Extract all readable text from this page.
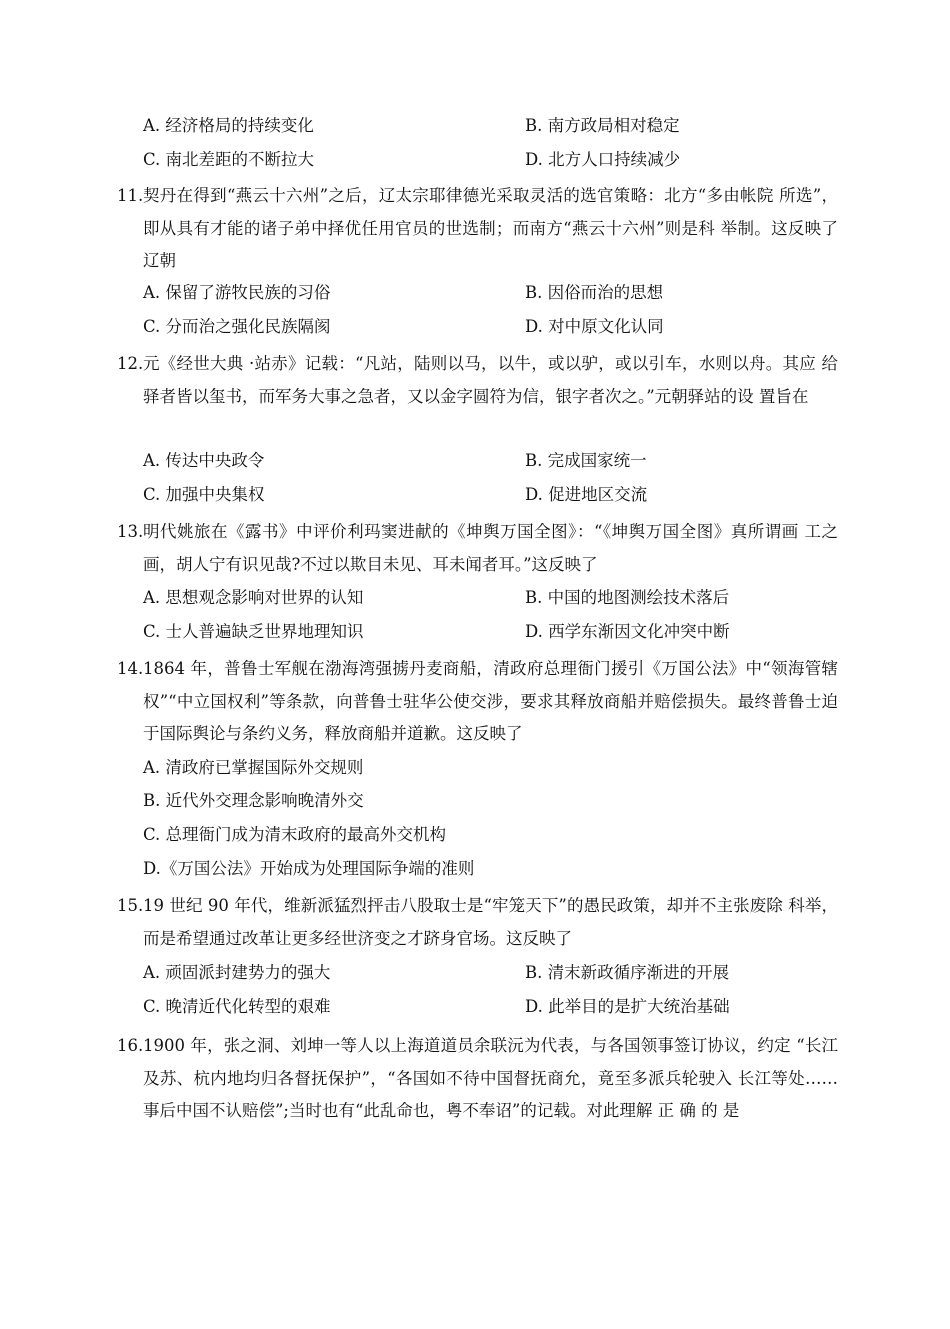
A. 经济格局的持续变化	B. 南方政局相对稳定
C. 南北差距的不断拉大	D. 北方人口持续减少
11. 契丹在得到“燕云十六州”之后，辽太宗耶律德光采取灵活的选官策略：北方“多由帐院 所选”，即从具有才能的诸子弟中择优任用官员的世选制；而南方“燕云十六州”则是科 举制。这反映了辽朝
A. 保留了游牧民族的习俗	B. 因俗而治的思想
C. 分而治之强化民族隔阂	D. 对中原文化认同
12. 元《经世大典 ·站赤》记载：“凡站，陆则以马，以牛，或以驴，或以引车，水则以舟。其应 给驿者皆以玺书，而军务大事之急者，又以金字圆符为信，银字者次之。”元朝驿站的设 置旨在
A. 传达中央政令	B. 完成国家统一
C. 加强中央集权	D. 促进地区交流
13. 明代姚旅在《露书》中评价利玛窦进献的《坤舆万国全图》：“《坤舆万国全图》真所谓画 工之画，胡人宁有识见哉?不过以欺目未见、耳未闻者耳。”这反映了
A. 思想观念影响对世界的认知	B. 中国的地图测绘技术落后
C. 士人普遍缺乏世界地理知识	D. 西学东渐因文化冲突中断
14. 1864 年，普鲁士军舰在渤海湾强掳丹麦商船，清政府总理衙门援引《万国公法》中“领海管辖权”“中立国权利”等条款，向普鲁士驻华公使交涉，要求其释放商船并赔偿损失。最终普鲁士迫于国际舆论与条约义务，释放商船并道歉。这反映了
A. 清政府已掌握国际外交规则
B. 近代外交理念影响晚清外交
C. 总理衙门成为清末政府的最高外交机构
D.《万国公法》开始成为处理国际争端的准则
15. 19 世纪 90 年代，维新派猛烈抨击八股取士是“牢笼天下”的愚民政策，却并不主张废除 科举，而是希望通过改革让更多经世济变之才跻身官场。这反映了
A. 顽固派封建势力的强大	B. 清末新政循序渐进的开展
C. 晚清近代化转型的艰难	D. 此举目的是扩大统治基础
16. 1900 年，张之洞、刘坤一等人以上海道道员余联沅为代表，与各国领事签订协议，约定 “长江及苏、杭内地均归各督抚保护”，“各国如不待中国督抚商允，竟至多派兵轮驶入 长江等处……事后中国不认赔偿”;当时也有“此乱命也，粤不奉诏”的记载。对此理解 正 确 的 是
